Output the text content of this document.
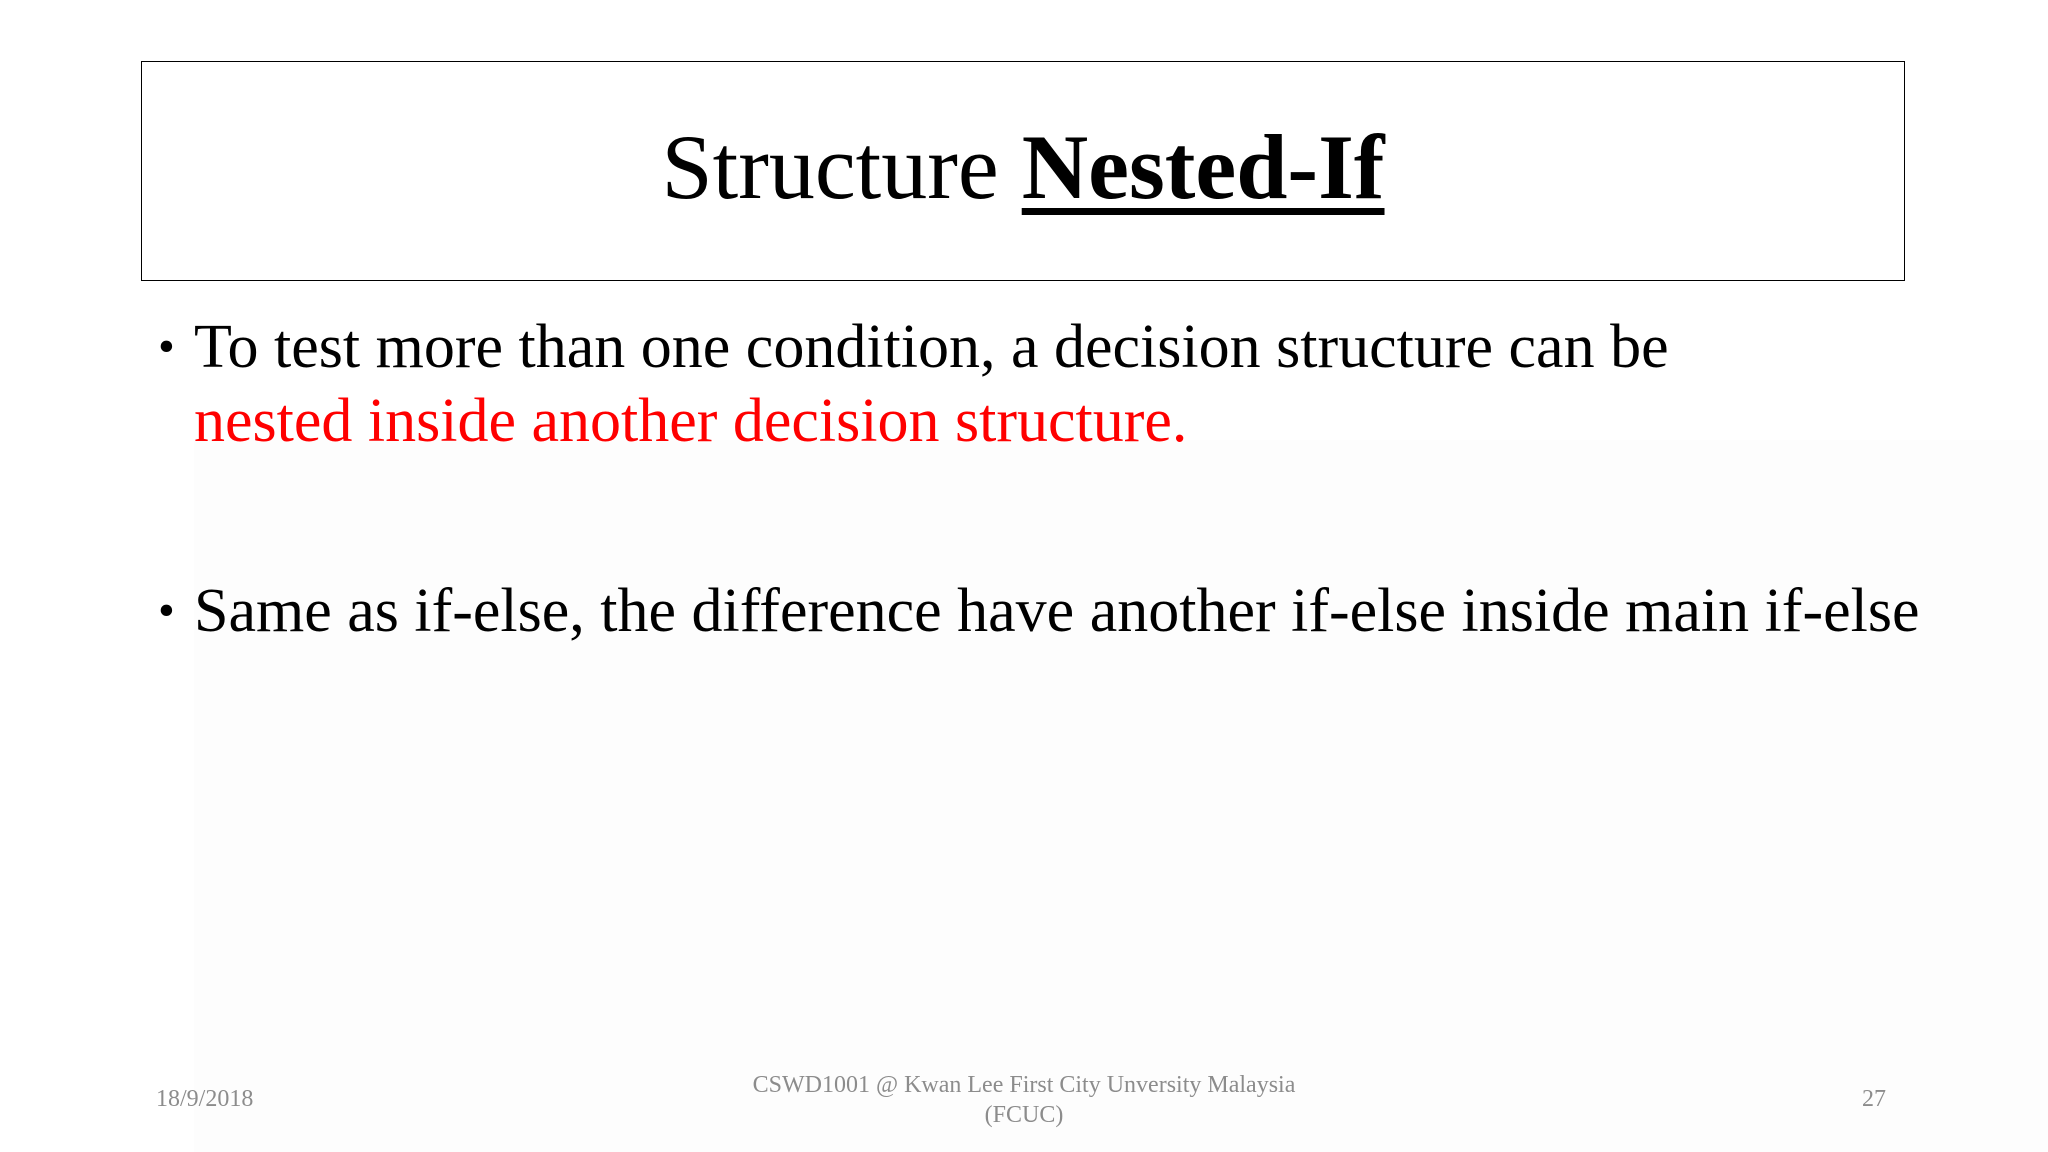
Structure Nested-If
• To test more than one condition, a decision structure can be
nested inside another decision structure.
• Same as if-else, the difference have another if-else inside main if-else
18/9/2018
CSWD1001 @ Kwan Lee First City Unversity Malaysia
(FCUC)
27
